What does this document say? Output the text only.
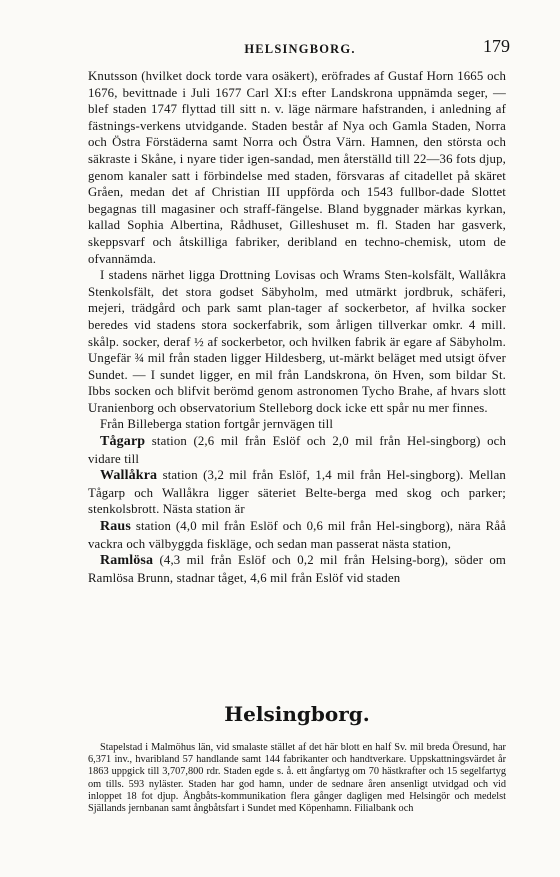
HELSINGBORG.	179

Knutsson (hvilket dock torde vara osäkert), eröfrades af Gustaf Horn 1665 och 1676, bevittnade i Juli 1677 Carl XI:s efter Landskrona uppnämda seger, — blef staden 1747 flyttad till sitt n. v. läge närmare hafstranden, i anledning af fästnings-verkens utvidgande. Staden består af Nya och Gamla Staden, Norra och Östra Förstäderna samt Norra och Östra Värn. Hamnen, den största och säkraste i Skåne, i nyare tider igen-sandad, men återställd till 22—36 fots djup, genom kanaler satt i förbindelse med staden, försvaras af citadellet på skäret Gråen, medan det af Christian III uppförda och 1543 fullbor-dade Slottet begagnas till magasiner och straff-fängelse. Bland byggnader märkas kyrkan, kallad Sophia Albertina, Rådhuset, Gilleshuset m. fl. Staden har gasverk, skeppsvarf och åtskilliga fabriker, deribland en techno-chemisk, utom de ofvannämda.

I stadens närhet ligga Drottning Lovisas och Wrams Sten-kolsfält, Wallåkra Stenkolsfält, det stora godset Säbyholm, med utmärkt jordbruk, schäferi, mejeri, trädgård och park samt plan-tager af sockerbetor, af hvilka socker beredes vid stadens stora sockerfabrik, som årligen tillverkar omkr. 4 mill. skålp. socker, deraf ½ af sockerbetor, och hvilken fabrik är egare af Säbyholm. Ungefär ¾ mil från staden ligger Hildesberg, ut-märkt beläget med utsigt öfver Sundet. — I sundet ligger, en mil från Landskrona, ön Hven, som bildar St. Ibbs socken och blifvit berömd genom astronomen Tycho Brahe, af hvars slott Uranienborg och observatorium Stelleborg dock icke ett spår nu mer finnes.

Från Billeberga station fortgår jernvägen till

Tågarp station (2,6 mil från Eslöf och 2,0 mil från Hel-singborg) och vidare till

Wallåkra station (3,2 mil från Eslöf, 1,4 mil från Hel-singborg). Mellan Tågarp och Wallåkra ligger säteriet Belte-berga med skog och parker; stenkolsbrott. Nästa station är

Raus station (4,0 mil från Eslöf och 0,6 mil från Hel-singborg), nära Råå vackra och välbyggda fiskläge, och sedan man passerat nästa station,

Ramlösa (4,3 mil från Eslöf och 0,2 mil från Helsing-borg), söder om Ramlösa Brunn, stadnar tåget, 4,6 mil från Eslöf vid staden

Helsingborg.

Stapelstad i Malmöhus län, vid smalaste stället af det här blott en half Sv. mil breda Öresund, har 6,371 inv., hvaribland 57 handlande samt 144 fabrikanter och handtverkare. Uppskattningsvärdet år 1863 uppgick till 3,707,800 rdr. Staden egde s. å. ett ångfartyg om 70 hästkrafter och 15 segelfartyg om tills. 593 nyläster. Staden har god hamn, under de sednare åren ansenligt utvidgad och vid inloppet 18 fot djup. Ångbåts-kommunikation flera gånger dagligen med Helsingör och medelst Själlands jernbanan samt ångbåtsfart i Sundet med Köpenhamn. Filialbank och
